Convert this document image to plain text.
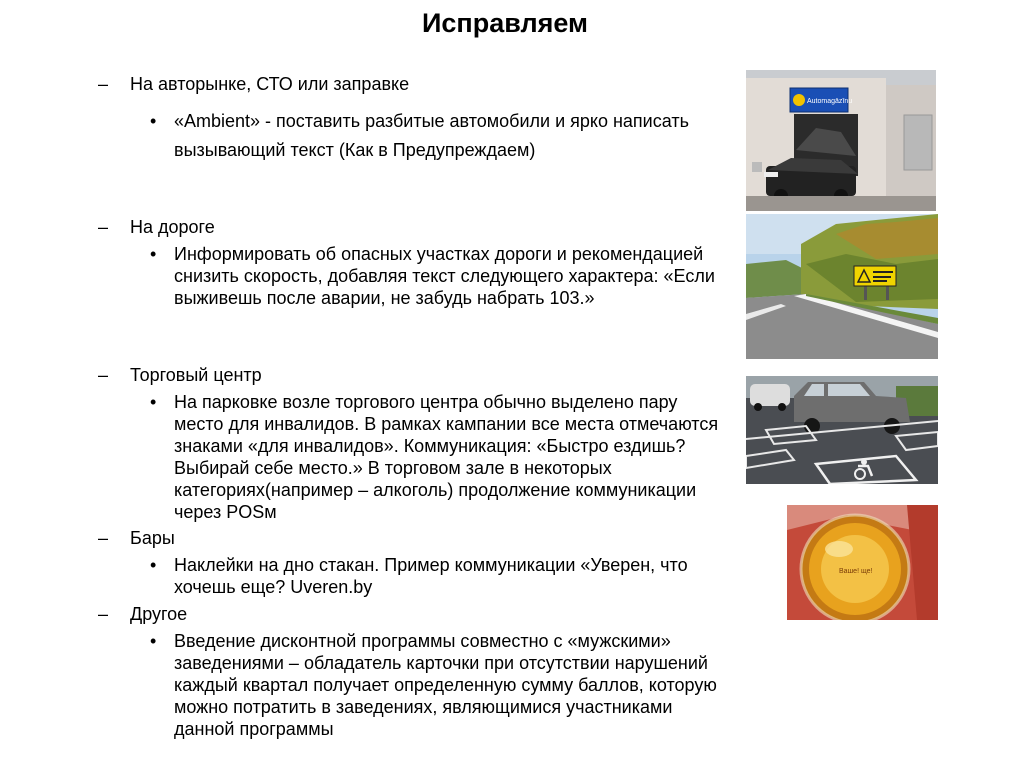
Исправляем
– На авторынке, СТО или заправке
• «Ambient» - поставить разбитые автомобили и ярко написать вызывающий текст (Как в Предупреждаем)
– На дороге
• Информировать об опасных участках дороги и рекомендацией снизить скорость, добавляя текст следующего характера: «Если выживешь после аварии, не забудь набрать 103.»
– Торговый центр
• На парковке возле торгового центра обычно выделено пару место для инвалидов. В рамках кампании все места отмечаются знаками «для инвалидов». Коммуникация: «Быстро ездишь? Выбирай себе место.» В торговом зале в некоторых категориях(например – алкоголь) продолжение коммуникации через POSм
– Бары
• Наклейки на дно стакан. Пример коммуникации «Уверен, что хочешь еще? Uveren.by
– Другое
• Введение дисконтной программы совместно с «мужскими» заведениями – обладатель карточки при отсутствии нарушений каждый квартал получает определенную сумму баллов, которую можно потратить в заведениях, являющимися участниками данной программы
Automagāzīnu
Ваше! ще!
